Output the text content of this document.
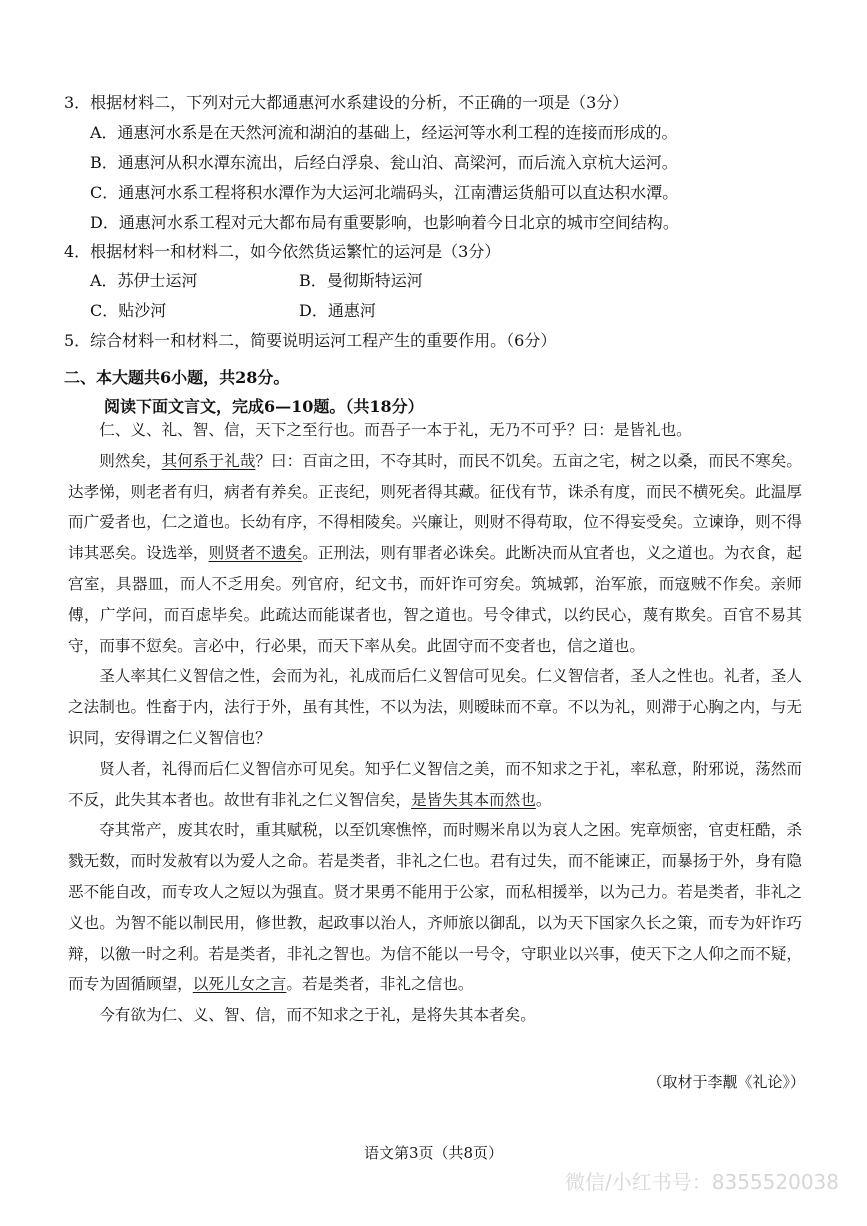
3．根据材料二，下列对元大都通惠河水系建设的分析，不正确的一项是（3分）
A．通惠河水系是在天然河流和湖泊的基础上，经运河等水利工程的连接而形成的。
B．通惠河从积水潭东流出，后经白浮泉、瓮山泊、高梁河，而后流入京杭大运河。
C．通惠河水系工程将积水潭作为大运河北端码头，江南漕运货船可以直达积水潭。
D．通惠河水系工程对元大都布局有重要影响，也影响着今日北京的城市空间结构。
4．根据材料一和材料二，如今依然货运繁忙的运河是（3分）
A．苏伊士运河	B．曼彻斯特运河
C．贴沙河	D．通惠河
5．综合材料一和材料二，简要说明运河工程产生的重要作用。（6分）
二、本大题共6小题，共28分。
阅读下面文言文，完成6—10题。（共18分）

仁、义、礼、智、信，天下之至行也。而吾子一本于礼，无乃不可乎？曰：是皆礼也。

则然矣，其何系于礼哉？曰：百亩之田，不夺其时，而民不饥矣。五亩之宅，树之以桑，而民不寒矣。达孝悌，则老者有归，病者有养矣。正丧纪，则死者得其藏。征伐有节，诛杀有度，而民不横死矣。此温厚而广爱者也，仁之道也。长幼有序，不得相陵矣。兴廉让，则财不得苟取，位不得妄受矣。立谏诤，则不得讳其恶矣。设选举，则贤者不遗矣。正刑法，则有罪者必诛矣。此断决而从宜者也，义之道也。为衣食，起宫室，具器皿，而人不乏用矣。列官府，纪文书，而奸诈可穷矣。筑城郭，治军旅，而寇贼不作矣。亲师傅，广学问，而百虑毕矣。此疏达而能谋者也，智之道也。号令律式，以约民心，蔑有欺矣。百官不易其守，而事不愆矣。言必中，行必果，而天下率从矣。此固守而不变者也，信之道也。

圣人率其仁义智信之性，会而为礼，礼成而后仁义智信可见矣。仁义智信者，圣人之性也。礼者，圣人之法制也。性畜于内，法行于外，虽有其性，不以为法，则暧昧而不章。不以为礼，则滞于心胸之内，与无识同，安得谓之仁义智信也？

贤人者，礼得而后仁义智信亦可见矣。知乎仁义智信之美，而不知求之于礼，率私意，附邪说，荡然而不反，此失其本者也。故世有非礼之仁义智信矣，是皆失其本而然也。

夺其常产，废其农时，重其赋税，以至饥寒憔悴，而时赐米帛以为哀人之困。宪章烦密，官吏枉酷，杀戮无数，而时发赦宥以为爱人之命。若是类者，非礼之仁也。君有过失，而不能谏正，而暴扬于外，身有隐恶不能自改，而专攻人之短以为强直。贤才果勇不能用于公家，而私相援举，以为己力。若是类者，非礼之义也。为智不能以制民用，修世教，起政事以治人，齐师旅以御乱，以为天下国家久长之策，而专为奸诈巧辩，以徼一时之利。若是类者，非礼之智也。为信不能以一号令，守职业以兴事，使天下之人仰之而不疑，而专为固循顾望，以死儿女之言。若是类者，非礼之信也。

今有欲为仁、义、智、信，而不知求之于礼，是将失其本者矣。

（取材于李觏《礼论》）
语文第3页（共8页）
微信/小红书号：8355520038
